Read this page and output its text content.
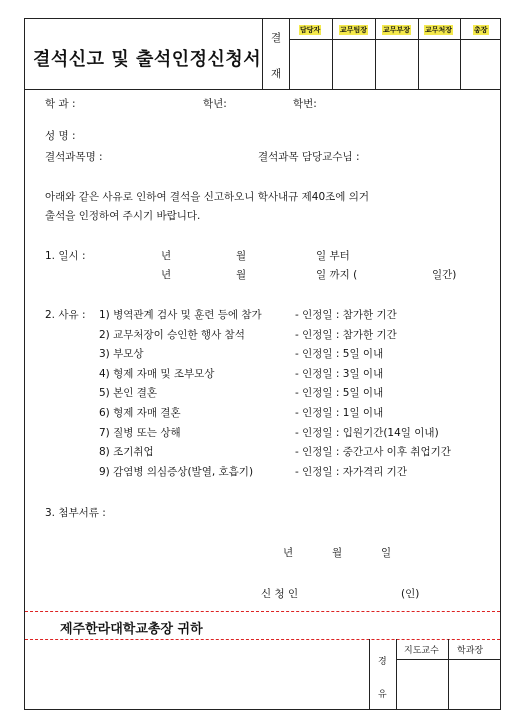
결석신고 및 출석인정신청서
결
재
담당자	교무팀장 교무부장 교무처장	총장
학 과 :	학년:	학번:
성 명 :
결석과목명 :	결석과목 담당교수님 :
아래와 같은 사유로 인하여 결석을 신고하오니 학사내규 제40조에 의거
출석을 인정하여 주시기 바랍니다.
1. 일시 :	년	월	일 부터
년	월	일 까지 (	일간)
2. 사유 : 1) 병역관계 검사 및 훈련 등에 참가	- 인정일 : 참가한 기간
2) 교무처장이 승인한 행사 참석	- 인정일 : 참가한 기간
3) 부모상	- 인정일 : 5일 이내
4) 형제 자매 및 조부모상	- 인정일 : 3일 이내
5) 본인 결혼	- 인정일 : 5일 이내
6) 형제 자매 결혼	- 인정일 : 1일 이내
7) 질병 또는 상해	- 인정일 : 입원기간(14일 이내)
8) 조기취업	- 인정일 : 중간고사 이후 취업기간
9) 감염병 의심증상(발열, 호흡기)	- 인정일 : 자가격리 기간
3. 첨부서류 :
년	월	일
신 청 인	(인)
제주한라대학교총장 귀하
경
유
지도교수 학과장
